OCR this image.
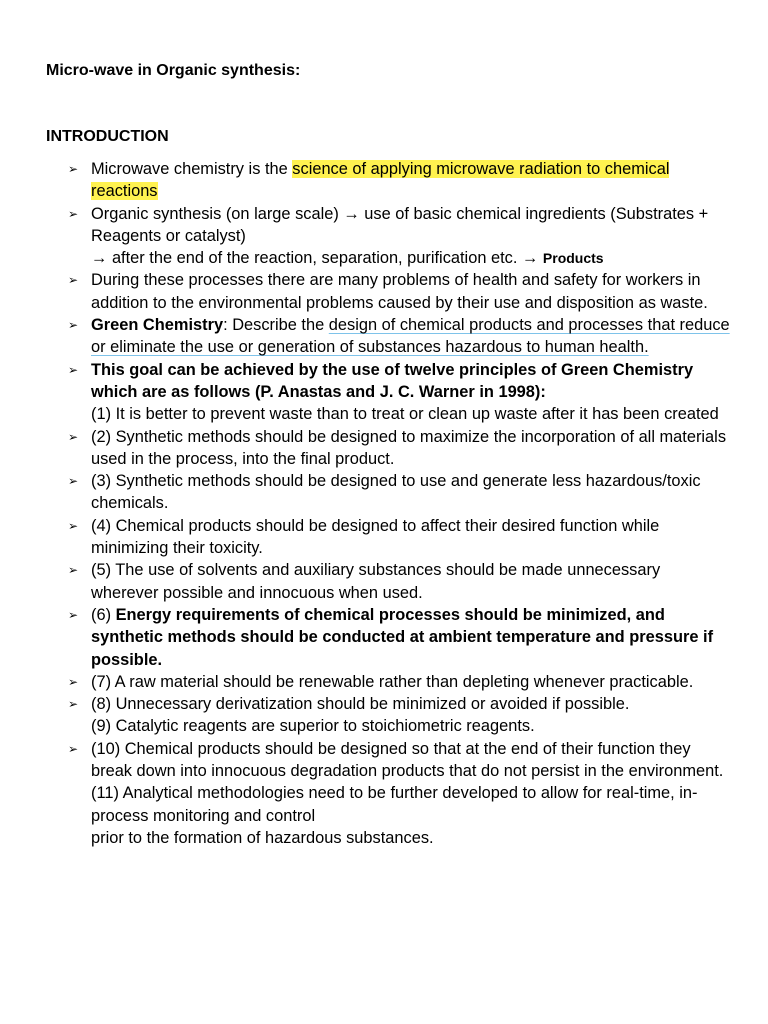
Micro-wave in Organic synthesis:
INTRODUCTION
➢ Microwave chemistry is the science of applying microwave radiation to chemical reactions
➢ Organic synthesis (on large scale) → use of basic chemical ingredients (Substrates + Reagents or catalyst)
→ after the end of the reaction, separation, purification etc. → Products
➢ During these processes there are many problems of health and safety for workers in addition to the environmental problems caused by their use and disposition as waste.
➢ Green Chemistry: Describe the design of chemical products and processes that reduce or eliminate the use or generation of substances hazardous to human health.
➢ This goal can be achieved by the use of twelve principles of Green Chemistry which are as follows (P. Anastas and J. C. Warner in 1998):
(1) It is better to prevent waste than to treat or clean up waste after it has been created
➢ (2) Synthetic methods should be designed to maximize the incorporation of all materials used in the process, into the final product.
➢ (3) Synthetic methods should be designed to use and generate less hazardous/toxic chemicals.
➢ (4) Chemical products should be designed to affect their desired function while minimizing their toxicity.
➢ (5) The use of solvents and auxiliary substances should be made unnecessary wherever possible and innocuous when used.
➢ (6) Energy requirements of chemical processes should be minimized, and synthetic methods should be conducted at ambient temperature and pressure if possible.
➢ (7) A raw material should be renewable rather than depleting whenever practicable.
➢ (8) Unnecessary derivatization should be minimized or avoided if possible.
(9) Catalytic reagents are superior to stoichiometric reagents.
➢ (10) Chemical products should be designed so that at the end of their function they break down into innocuous degradation products that do not persist in the environment.
(11) Analytical methodologies need to be further developed to allow for real-time, in-process monitoring and control
prior to the formation of hazardous substances.
